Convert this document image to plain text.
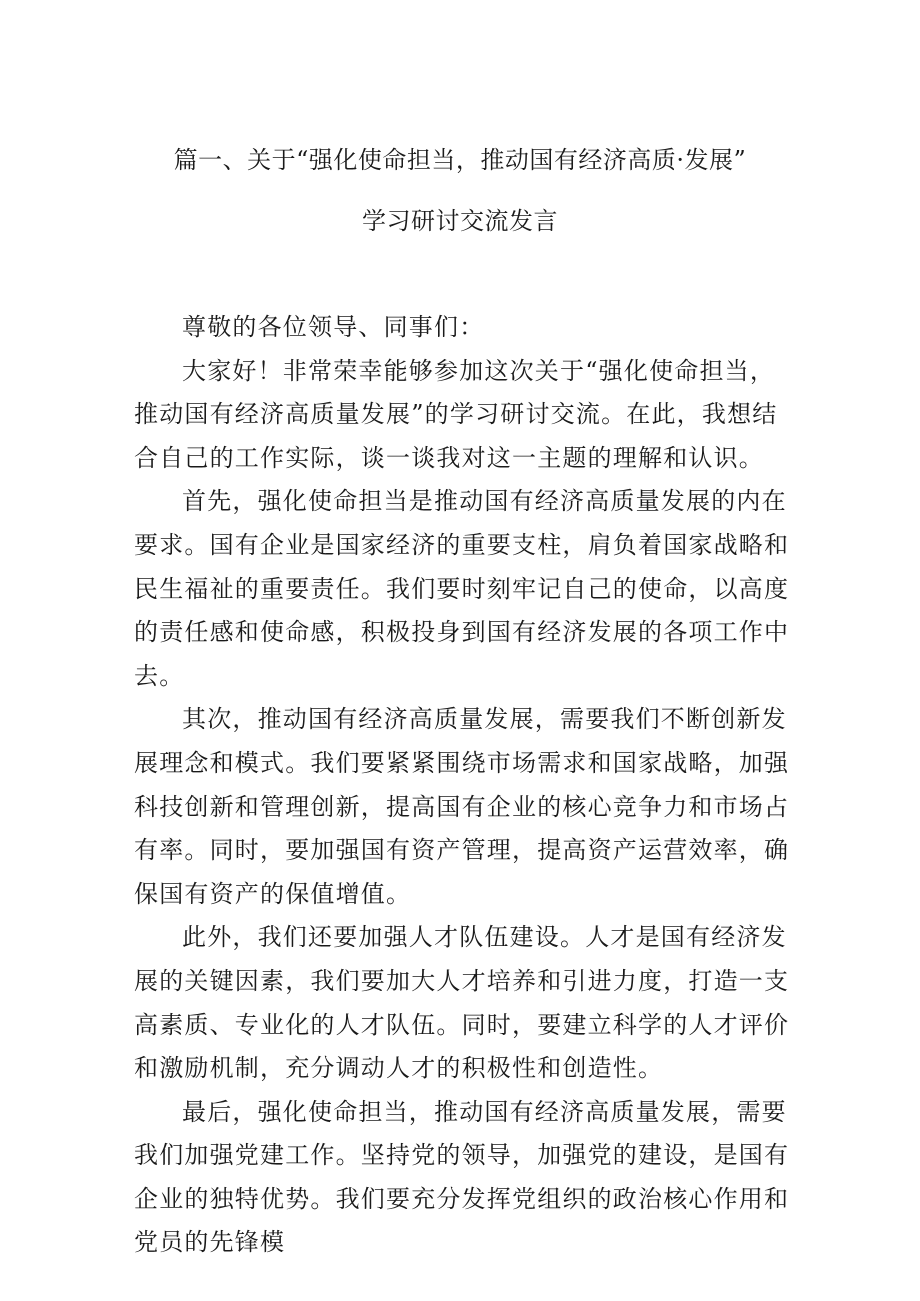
篇一、关于“强化使命担当，推动国有经济高质·发展”
学习研讨交流发言

尊敬的各位领导、同事们：

大家好！非常荣幸能够参加这次关于“强化使命担当，推动国有经济高质量发展”的学习研讨交流。在此，我想结合自己的工作实际，谈一谈我对这一主题的理解和认识。

首先，强化使命担当是推动国有经济高质量发展的内在要求。国有企业是国家经济的重要支柱，肩负着国家战略和民生福祉的重要责任。我们要时刻牢记自己的使命，以高度的责任感和使命感，积极投身到国有经济发展的各项工作中去。

其次，推动国有经济高质量发展，需要我们不断创新发展理念和模式。我们要紧紧围绕市场需求和国家战略，加强科技创新和管理创新，提高国有企业的核心竞争力和市场占有率。同时，要加强国有资产管理，提高资产运营效率，确保国有资产的保值增值。

此外，我们还要加强人才队伍建设。人才是国有经济发展的关键因素，我们要加大人才培养和引进力度，打造一支高素质、专业化的人才队伍。同时，要建立科学的人才评价和激励机制，充分调动人才的积极性和创造性。

最后，强化使命担当，推动国有经济高质量发展，需要我们加强党建工作。坚持党的领导，加强党的建设，是国有企业的独特优势。我们要充分发挥党组织的政治核心作用和党员的先锋模
